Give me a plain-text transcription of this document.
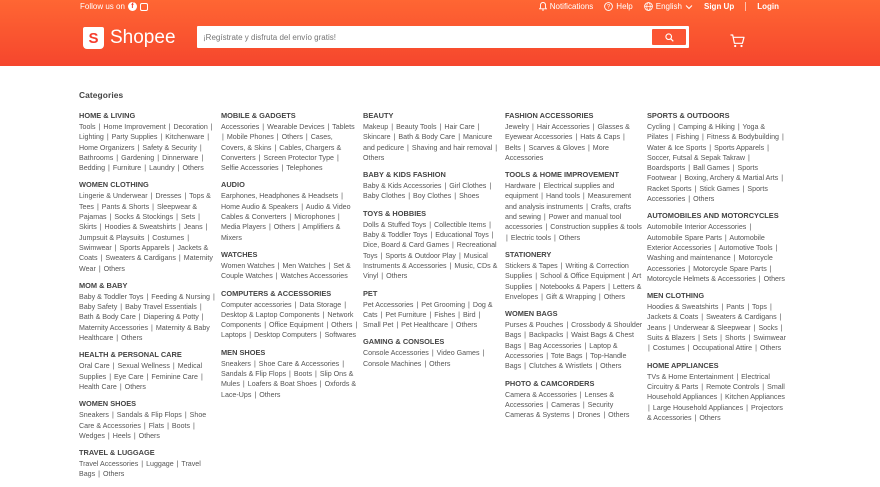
Follow us on f	Notifications ? Help	English	Sign Up	Login
S Shopee
¡Regístrate y disfruta del envío gratis!
Categories
HOME & LIVING
Tools | Home Improvement | Decoration | Lighting | Party Supplies | Kitchenware | Home Organizers | Safety & Security | Bathrooms | Gardening | Dinnerware | Bedding | Furniture | Laundry | Others
WOMEN CLOTHING
Lingerie & Underwear | Dresses | Tops & Tees | Pants & Shorts | Sleepwear & Pajamas | Socks & Stockings | Sets | Skirts | Hoodies & Sweatshirts | Jeans | Jumpsuit & Playsuits | Costumes | Swimwear | Sports Apparels | Jackets & Coats | Sweaters & Cardigans | Maternity Wear | Others
MOM & BABY
Baby & Toddler Toys | Feeding & Nursing | Baby Safety | Baby Travel Essentials | Bath & Body Care | Diapering & Potty | Maternity Accessories | Maternity & Baby Healthcare | Others
HEALTH & PERSONAL CARE
Oral Care | Sexual Wellness | Medical Supplies | Eye Care | Feminine Care | Health Care | Others
WOMEN SHOES
Sneakers | Sandals & Flip Flops | Shoe Care & Accessories | Flats | Boots | Wedges | Heels | Others
TRAVEL & LUGGAGE
Travel Accessories | Luggage | Travel Bags | Others
MOBILE & GADGETS
Accessories | Wearable Devices | Tablets | Mobile Phones | Others | Cases, Covers, & Skins | Cables, Chargers & Converters | Screen Protector Type | Selfie Accessories | Telephones
AUDIO
Earphones, Headphones & Headsets | Home Audio & Speakers | Audio & Video Cables & Converters | Microphones | Media Players | Others | Amplifiers & Mixers
WATCHES
Women Watches | Men Watches | Set & Couple Watches | Watches Accessories
COMPUTERS & ACCESSORIES
Computer accessories | Data Storage | Desktop & Laptop Components | Network Components | Office Equipment | Others | Laptops | Desktop Computers | Softwares
MEN SHOES
Sneakers | Shoe Care & Accessories | Sandals & Flip Flops | Boots | Slip Ons & Mules | Loafers & Boat Shoes | Oxfords & Lace-Ups | Others
BEAUTY
Makeup | Beauty Tools | Hair Care | Skincare | Bath & Body Care | Manicure and pedicure | Shaving and hair removal | Others
BABY & KIDS FASHION
Baby & Kids Accessories | Girl Clothes | Baby Clothes | Boy Clothes | Shoes
TOYS & HOBBIES
Dolls & Stuffed Toys | Collectible Items | Baby & Toddler Toys | Educational Toys | Dice, Board & Card Games | Recreational Toys | Sports & Outdoor Play | Musical Instruments & Accessories | Music, CDs & Vinyl | Others
PET
Pet Accessories | Pet Grooming | Dog & Cats | Pet Furniture | Fishes | Bird | Small Pet | Pet Healthcare | Others
GAMING & CONSOLES
Console Accessories | Video Games | Console Machines | Others
FASHION ACCESSORIES
Jewelry | Hair Accessories | Glasses & Eyewear Accessories | Hats & Caps | Belts | Scarves & Gloves | More Accessories
TOOLS & HOME IMPROVEMENT
Hardware | Electrical supplies and equipment | Hand tools | Measurement and analysis instruments | Crafts, crafts and sewing | Power and manual tool accessories | Construction supplies & tools | Electric tools | Others
STATIONERY
Stickers & Tapes | Writing & Correction Supplies | School & Office Equipment | Art Supplies | Notebooks & Papers | Letters & Envelopes | Gift & Wrapping | Others
WOMEN BAGS
Purses & Pouches | Crossbody & Shoulder Bags | Backpacks | Waist Bags & Chest Bags | Bag Accessories | Laptop & Accessories | Tote Bags | Top-Handle Bags | Clutches & Wristlets | Others
PHOTO & CAMCORDERS
Camera & Accessories | Lenses & Accessories | Cameras | Security Cameras & Systems | Drones | Others
SPORTS & OUTDOORS
Cycling | Camping & Hiking | Yoga & Pilates | Fishing | Fitness & Bodybuilding | Water & Ice Sports | Sports Apparels | Soccer, Futsal & Sepak Takraw | Boardsports | Ball Games | Sports Footwear | Boxing, Archery & Martial Arts | Racket Sports | Stick Games | Sports Accessories | Others
AUTOMOBILES AND MOTORCYCLES
Automobile Interior Accessories | Automobile Spare Parts | Automobile Exterior Accessories | Automotive Tools | Washing and maintenance | Motorcycle Accessories | Motorcycle Spare Parts | Motorcycle Helmets & Accessories | Others
MEN CLOTHING
Hoodies & Sweatshirts | Pants | Tops | Jackets & Coats | Sweaters & Cardigans | Jeans | Underwear & Sleepwear | Socks | Suits & Blazers | Sets | Shorts | Swimwear | Costumes | Occupational Attire | Others
HOME APPLIANCES
TVs & Home Entertainment | Electrical Circuitry & Parts | Remote Controls | Small Household Appliances | Kitchen Appliances | Large Household Appliances | Projectors & Accessories | Others
